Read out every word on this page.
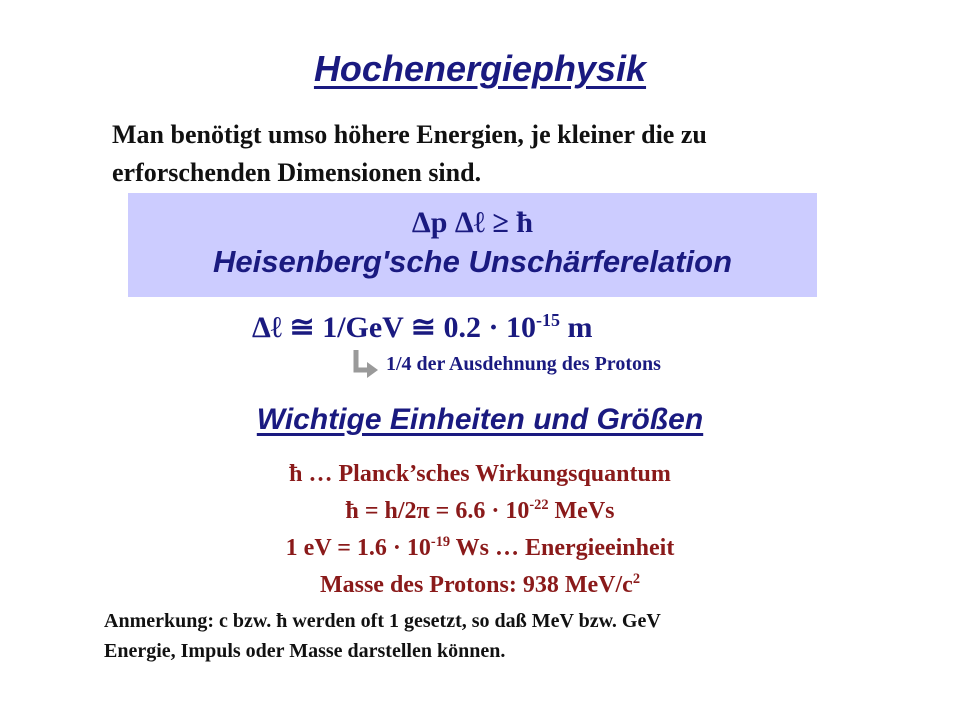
Hochenergiephysik
Man benötigt umso höhere Energien, je kleiner die zu
erforschenden Dimensionen sind.
Δp Δℓ ≥ ħ
Heisenberg'sche Unschärferelation
Δℓ ≅ 1/GeV ≅ $0.2 \cdot 10^{-15}$ m
1/4 der Ausdehnung des Protons
Wichtige Einheiten und Größen
ħ … Planck’sches Wirkungsquantum
ħ = $h/2\pi = 6.6 \cdot 10^{-22}$ MeVs
1 eV = $1.6 \cdot 10^{-19}$ Ws … Energieeinheit
Masse des Protons: 938 MeV/$c^2$
Anmerkung: c bzw. ħ werden oft 1 gesetzt, so daß MeV bzw. GeV
Energie, Impuls oder Masse darstellen können.
